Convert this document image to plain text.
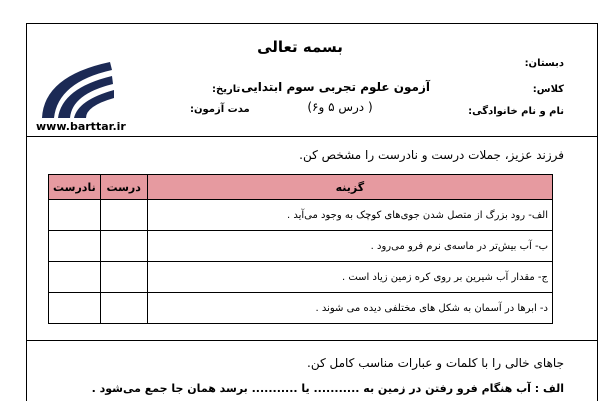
بسمه تعالی
دبستان:
کلاس:
نام و نام خانوادگی:
آزمون علوم تجربی سوم ابتدایی
( درس ۵ و۶)
تاریخ:
مدت آزمون:
www.barttar.ir
فرزند عزیز، جملات درست و نادرست را مشخص کن.
نادرست	درست	گزینه
		الف- رود بزرگ از متصل شدن جوی‌های کوچک به وجود می‌آید .
		ب- آب بیش‌تر در ماسه‌ی نرم فرو می‌رود .
		ج- مقدار آب شیرین بر روی کره زمین زیاد است .
		د- ابرها در آسمان به شکل های مختلفی دیده می شوند .
جاهای خالی را با کلمات و عبارات مناسب کامل کن.
الف : آب هنگام فرو رفتن در زمین به ........... یا ........... برسد همان جا جمع می‌شود .
